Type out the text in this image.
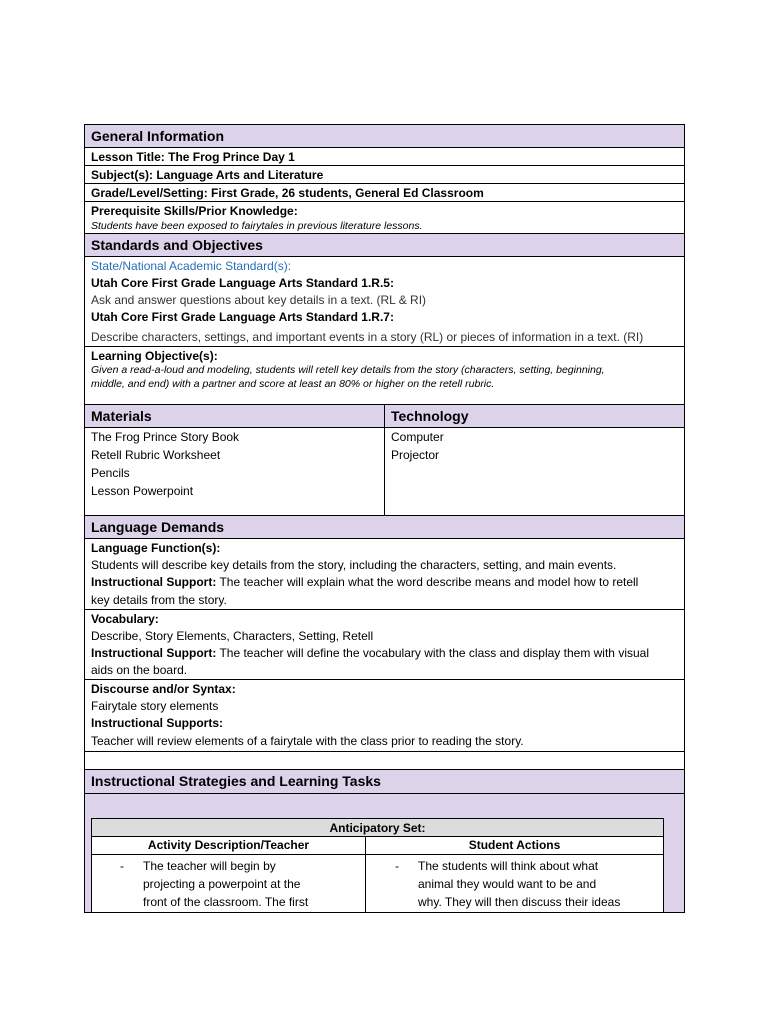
General Information
Lesson Title: The Frog Prince Day 1
Subject(s): Language Arts and Literature
Grade/Level/Setting: First Grade, 26 students, General Ed Classroom
Prerequisite Skills/Prior Knowledge:
Students have been exposed to fairytales in previous literature lessons.
Standards and Objectives
State/National Academic Standard(s):
Utah Core First Grade Language Arts Standard 1.R.5:
Ask and answer questions about key details in a text. (RL & RI)
Utah Core First Grade Language Arts Standard 1.R.7:
Describe characters, settings, and important events in a story (RL) or pieces of information in a text. (RI)
Learning Objective(s):
Given a read-a-loud and modeling, students will retell key details from the story (characters, setting, beginning,
middle, and end) with a partner and score at least an 80% or higher on the retell rubric.
Materials	Technology
The Frog Prince Story Book
Retell Rubric Worksheet
Pencils
Lesson Powerpoint
Computer
Projector
Language Demands
Language Function(s):
Students will describe key details from the story, including the characters, setting, and main events.
Instructional Support: The teacher will explain what the word describe means and model how to retell
key details from the story.
Vocabulary:
Describe, Story Elements, Characters, Setting, Retell
Instructional Support: The teacher will define the vocabulary with the class and display them with visual
aids on the board.
Discourse and/or Syntax:
Fairytale story elements
Instructional Supports:
Teacher will review elements of a fairytale with the class prior to reading the story.
Instructional Strategies and Learning Tasks
Anticipatory Set:
Activity Description/Teacher	Student Actions
- The teacher will begin by
projecting a powerpoint at the
front of the classroom. The first
- The students will think about what
animal they would want to be and
why. They will then discuss their ideas
